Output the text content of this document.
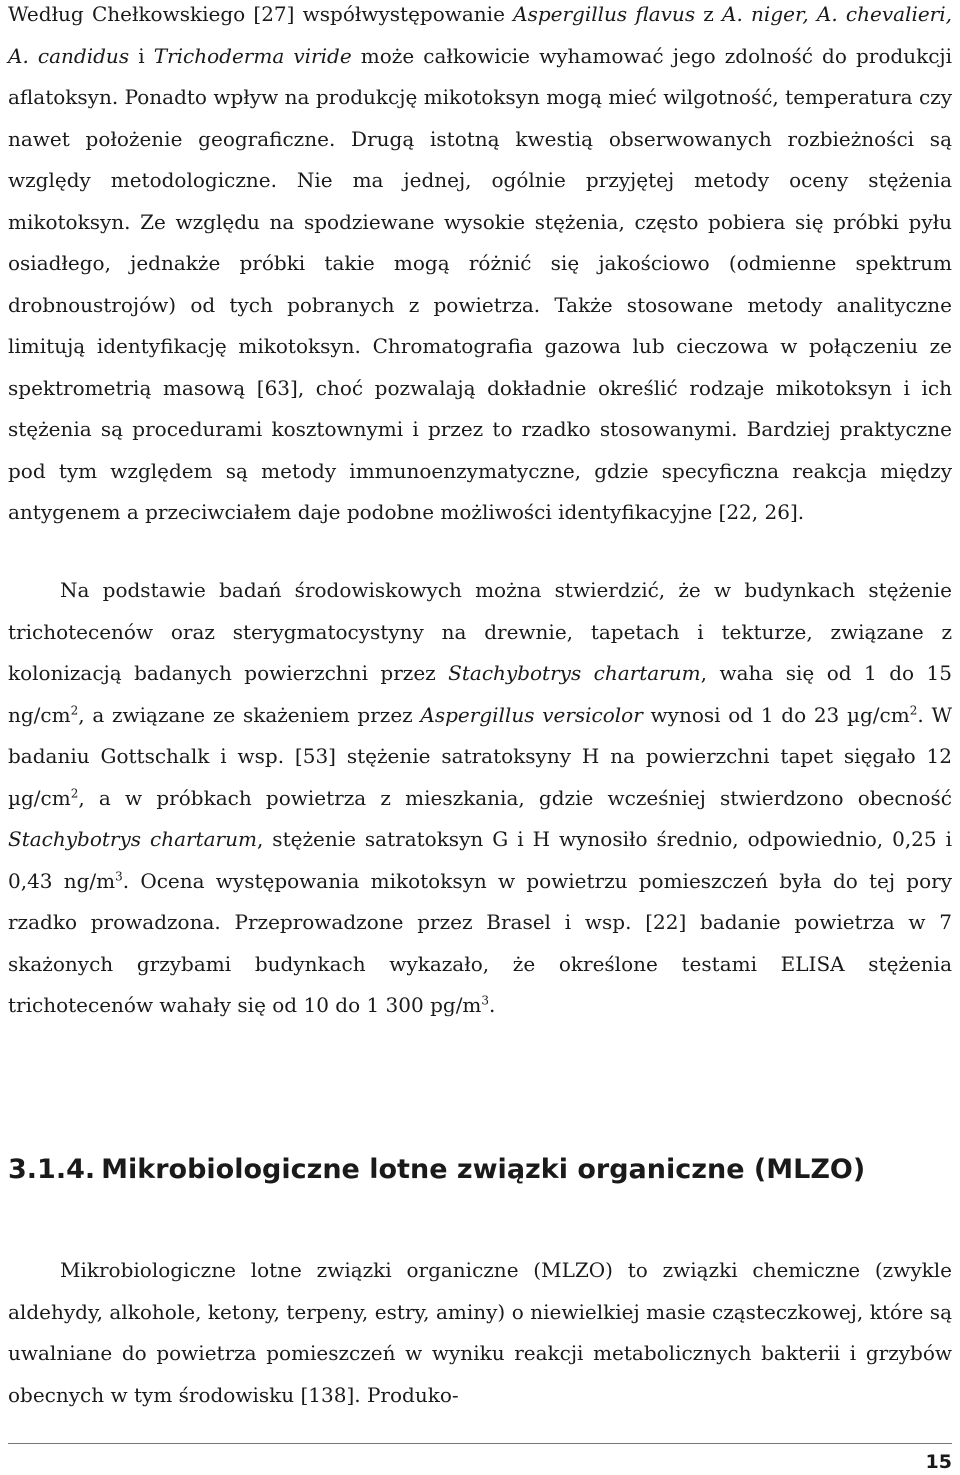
Według Chełkowskiego [27] współwystępowanie Aspergillus flavus z A. niger, A. chevalieri, A. candidus i Trichoderma viride może całkowicie wyhamować jego zdolność do produkcji aflatoksyn. Ponadto wpływ na produkcję mikotoksyn mogą mieć wilgotność, temperatura czy nawet położenie geograficzne. Drugą istotną kwestią obserwowanych rozbieżności są względy metodologiczne. Nie ma jednej, ogólnie przyjętej metody oceny stężenia mikotoksyn. Ze względu na spodziewane wysokie stężenia, często pobiera się próbki pyłu osiadłego, jednakże próbki takie mogą różnić się jakościowo (odmienne spektrum drobnoustrojów) od tych pobranych z powietrza. Także stosowane metody analityczne limitują identyfikację mikotoksyn. Chromatografia gazowa lub cieczowa w połączeniu ze spektrometrią masową [63], choć pozwalają dokładnie określić rodzaje mikotoksyn i ich stężenia są procedurami kosztownymi i przez to rzadko stosowanymi. Bardziej praktyczne pod tym względem są metody immunoenzymatyczne, gdzie specyficzna reakcja między antygenem a przeciwciałem daje podobne możliwości identyfikacyjne [22, 26].

Na podstawie badań środowiskowych można stwierdzić, że w budynkach stężenie trichotecenów oraz sterygmatocystyny na drewnie, tapetach i tekturze, związane z kolonizacją badanych powierzchni przez Stachybotrys chartarum, waha się od 1 do 15 $ng/cm^2$, a związane ze skażeniem przez Aspergillus versicolor wynosi od 1 do 23 $\mu g/cm^2$. W badaniu Gottschalk i wsp. [53] stężenie satratoksyny H na powierzchni tapet sięgało 12 $\mu g/cm^2$, a w próbkach powietrza z mieszkania, gdzie wcześniej stwierdzono obecność Stachybotrys chartarum, stężenie satratoksyn G i H wynosiło średnio, odpowiednio, 0,25 i 0,43 $ng/m^3$. Ocena występowania mikotoksyn w powietrzu pomieszczeń była do tej pory rzadko prowadzona. Przeprowadzone przez Brasel i wsp. [22] badanie powietrza w 7 skażonych grzybami budynkach wykazało, że określone testami ELISA stężenia trichotecenów wahały się od 10 do 1 300 $pg/m^3$.

3.1.4. Mikrobiologiczne lotne związki organiczne (MLZO)

Mikrobiologiczne lotne związki organiczne (MLZO) to związki chemiczne (zwykle aldehydy, alkohole, ketony, terpeny, estry, aminy) o niewielkiej masie cząsteczkowej, które są uwalniane do powietrza pomieszczeń w wyniku reakcji metabolicznych bakterii i grzybów obecnych w tym środowisku [138]. Produko-

15
